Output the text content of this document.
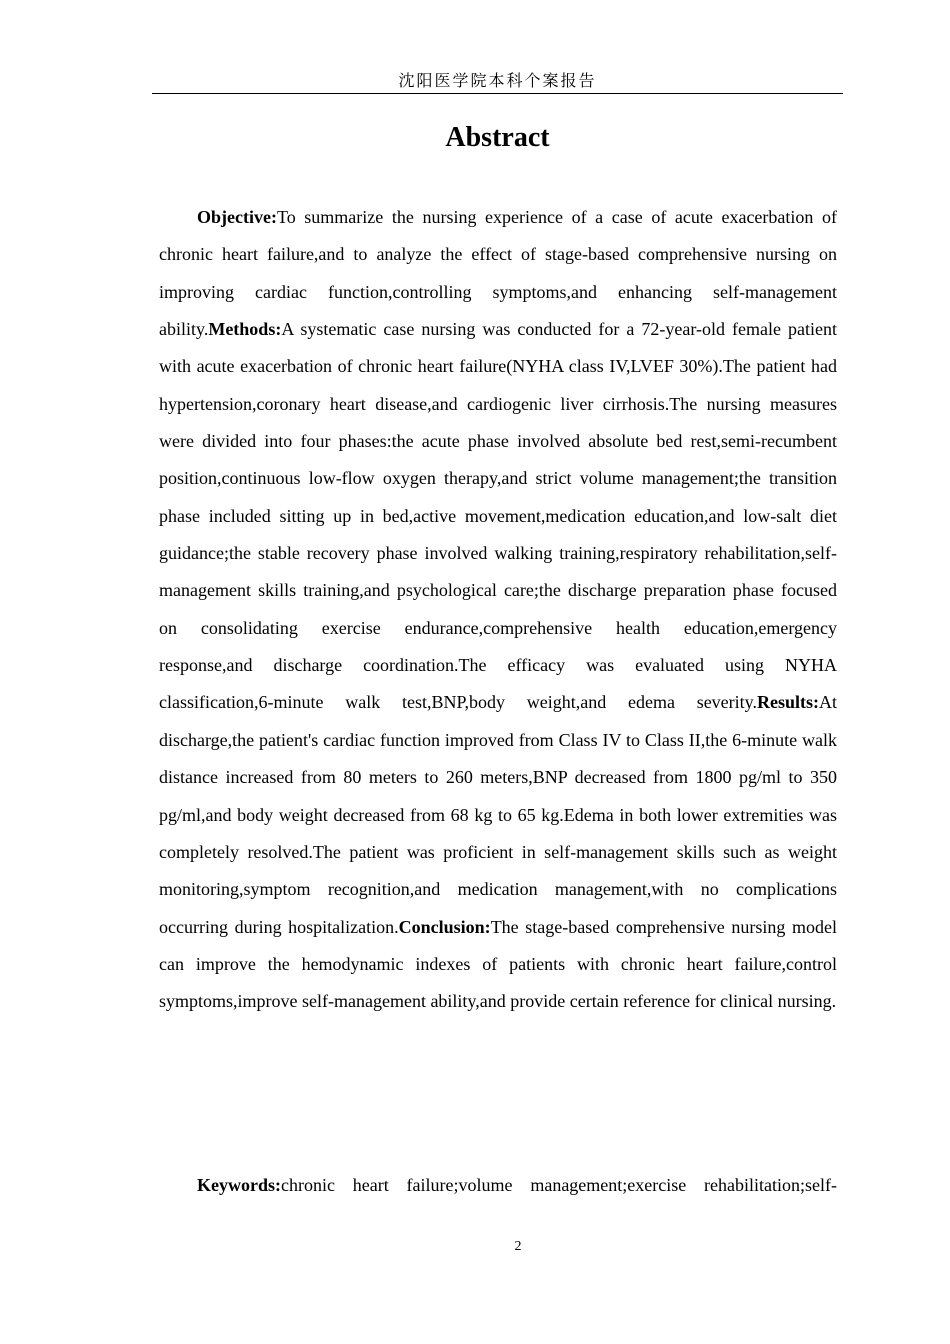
沈阳医学院本科个案报告
Abstract

Objective:To summarize the nursing experience of a case of acute exacerbation of chronic heart failure,and to analyze the effect of stage-based comprehensive nursing on improving cardiac function,controlling symptoms,and enhancing self-management ability.Methods:A systematic case nursing was conducted for a 72-year-old female patient with acute exacerbation of chronic heart failure(NYHA class IV,LVEF 30%).The patient had hypertension,coronary heart disease,and cardiogenic liver cirrhosis.The nursing measures were divided into four phases:the acute phase involved absolute bed rest,semi-recumbent position,continuous low-flow oxygen therapy,and strict volume management;the transition phase included sitting up in bed,active movement,medication education,and low-salt diet guidance;the stable recovery phase involved walking training,respiratory rehabilitation,self-management skills training,and psychological care;the discharge preparation phase focused on consolidating exercise endurance,comprehensive health education,emergency response,and discharge coordination.The efficacy was evaluated using NYHA classification,6-minute walk test,BNP,body weight,and edema severity.Results:At discharge,the patient's cardiac function improved from Class IV to Class II,the 6-minute walk distance increased from 80 meters to 260 meters,BNP decreased from 1800 pg/ml to 350 pg/ml,and body weight decreased from 68 kg to 65 kg.Edema in both lower extremities was completely resolved.The patient was proficient in self-management skills such as weight monitoring,symptom recognition,and medication management,with no complications occurring during hospitalization.Conclusion:The stage-based comprehensive nursing model can improve the hemodynamic indexes of patients with chronic heart failure,control symptoms,improve self-management ability,and provide certain reference for clinical nursing.

Keywords:chronic heart failure;volume management;exercise rehabilitation;self-

2
